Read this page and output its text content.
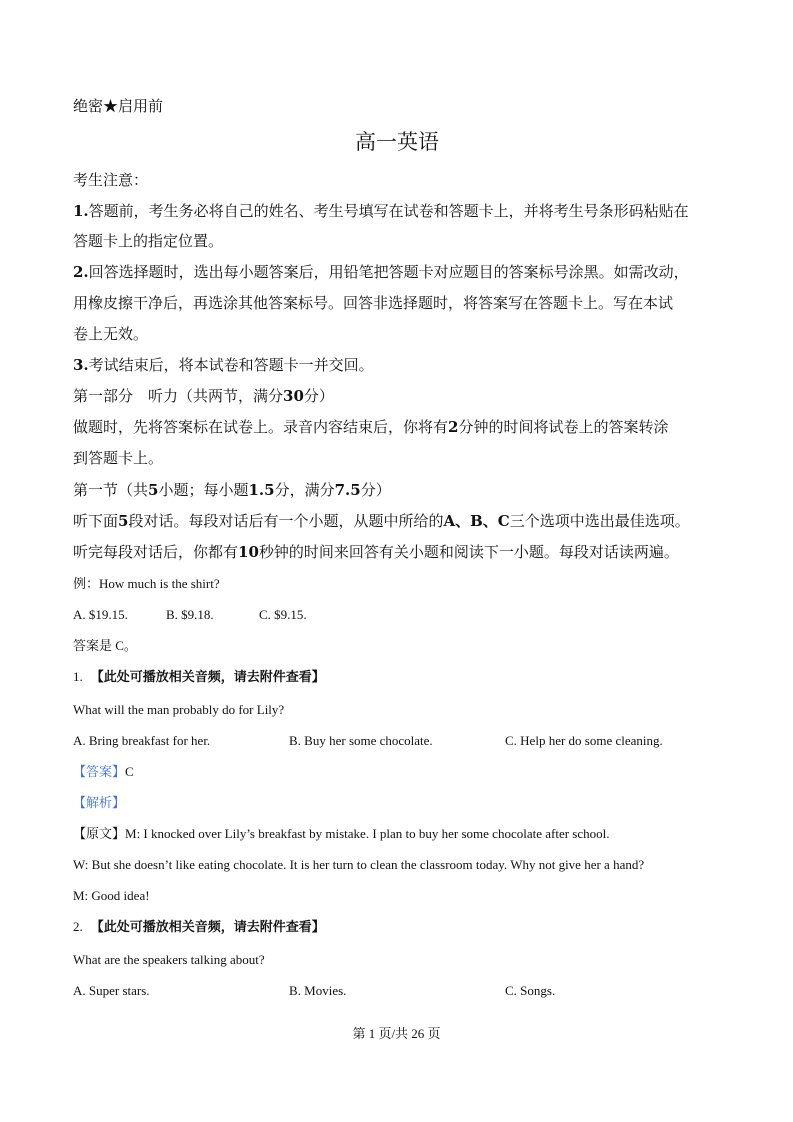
绝密★启用前
高一英语
考生注意：
1.答题前，考生务必将自己的姓名、考生号填写在试卷和答题卡上，并将考生号条形码粘贴在
答题卡上的指定位置。
2.回答选择题时，选出每小题答案后，用铅笔把答题卡对应题目的答案标号涂黑。如需改动，
用橡皮擦干净后，再选涂其他答案标号。回答非选择题时，将答案写在答题卡上。写在本试
卷上无效。
3.考试结束后，将本试卷和答题卡一并交回。
第一部分 听力（共两节，满分30分）
做题时，先将答案标在试卷上。录音内容结束后，你将有2分钟的时间将试卷上的答案转涂
到答题卡上。
第一节（共5小题；每小题1.5分，满分7.5分）
听下面5段对话。每段对话后有一个小题，从题中所给的A、B、C三个选项中选出最佳选项。
听完每段对话后，你都有10秒钟的时间来回答有关小题和阅读下一小题。每段对话读两遍。
例：How much is the shirt?
A. $19.15.	B. $9.18.	C. $9.15.
答案是 C。
1. 【此处可播放相关音频，请去附件查看】
What will the man probably do for Lily?
A. Bring breakfast for her.	B. Buy her some chocolate.	C. Help her do some cleaning.
【答案】C
【解析】
【原文】M: I knocked over Lily’s breakfast by mistake. I plan to buy her some chocolate after school.
W: But she doesn’t like eating chocolate. It is her turn to clean the classroom today. Why not give her a hand?
M: Good idea!
2. 【此处可播放相关音频，请去附件查看】
What are the speakers talking about?
A. Super stars.	B. Movies.	C. Songs.
第 1 页/共 26 页
